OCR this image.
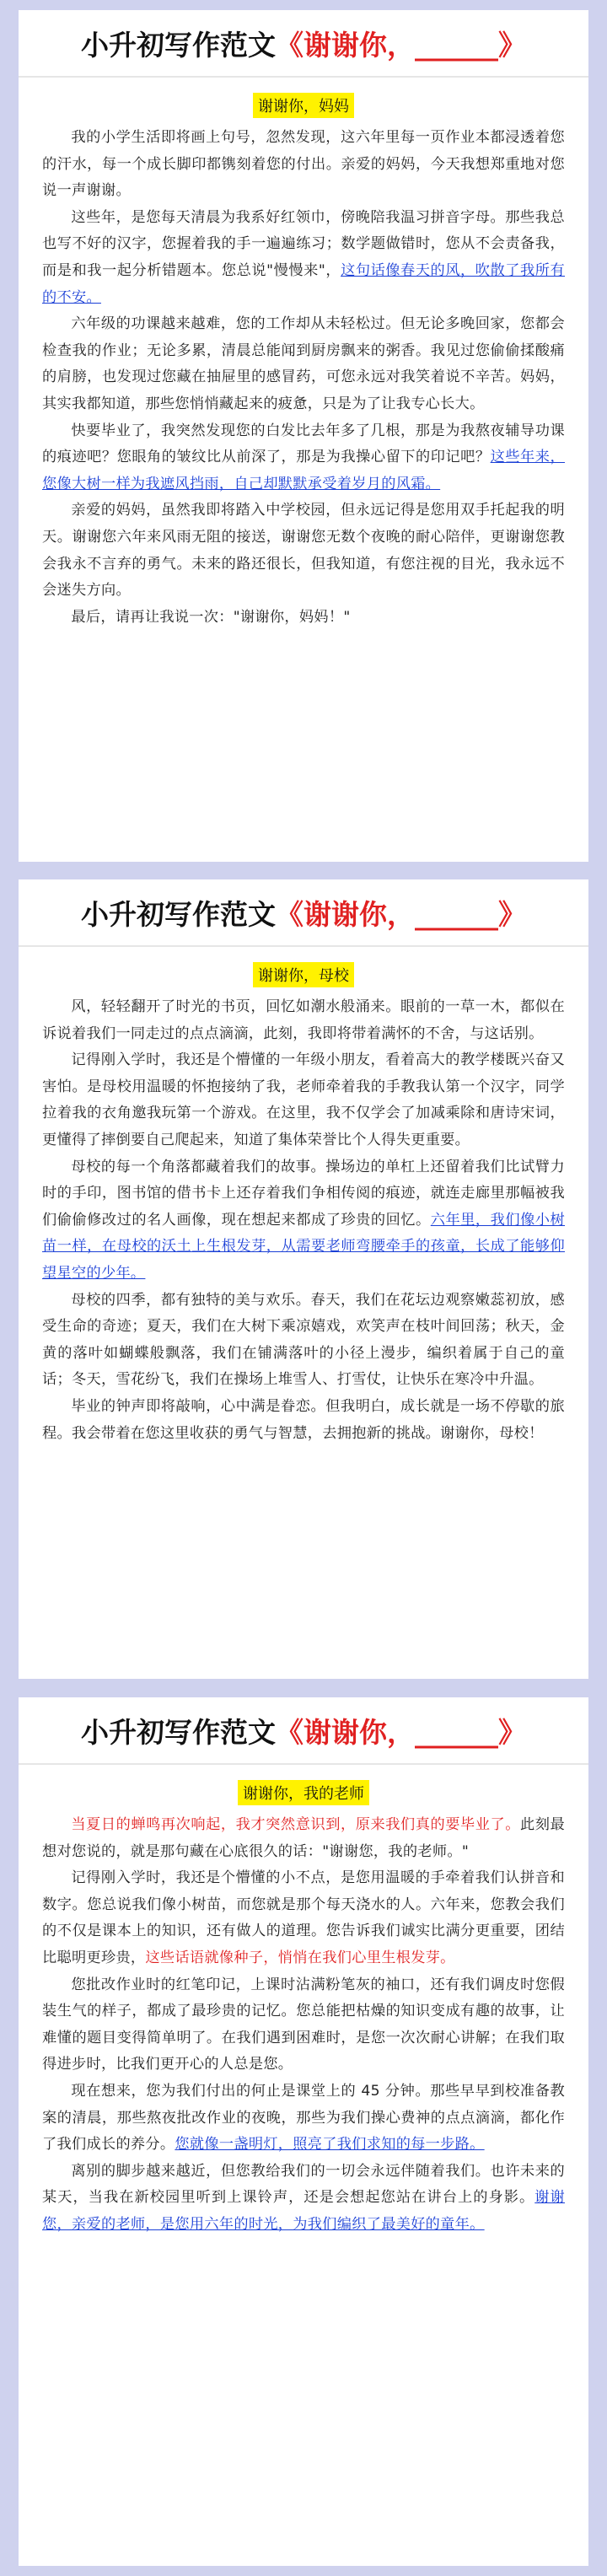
小升初写作范文《谢谢你，______》
谢谢你，妈妈

我的小学生活即将画上句号，忽然发现，这六年里每一页作业本都浸透着您的汗水，每一个成长脚印都镌刻着您的付出。亲爱的妈妈，今天我想郑重地对您说一声谢谢。

这些年，是您每天清晨为我系好红领巾，傍晚陪我温习拼音字母。那些我总也写不好的汉字，您握着我的手一遍遍练习；数学题做错时，您从不会责备我，而是和我一起分析错题本。您总说"慢慢来"，这句话像春天的风，吹散了我所有的不安。

六年级的功课越来越难，您的工作却从未轻松过。但无论多晚回家，您都会检查我的作业；无论多累，清晨总能闻到厨房飘来的粥香。我见过您偷偷揉酸痛的肩膀，也发现过您藏在抽屉里的感冒药，可您永远对我笑着说不辛苦。妈妈，其实我都知道，那些您悄悄藏起来的疲惫，只是为了让我专心长大。

快要毕业了，我突然发现您的白发比去年多了几根，那是为我熬夜辅导功课的痕迹吧？您眼角的皱纹比从前深了，那是为我操心留下的印记吧？这些年来，您像大树一样为我遮风挡雨，自己却默默承受着岁月的风霜。

亲爱的妈妈，虽然我即将踏入中学校园，但永远记得是您用双手托起我的明天。谢谢您六年来风雨无阻的接送，谢谢您无数个夜晚的耐心陪伴，更谢谢您教会我永不言弃的勇气。未来的路还很长，但我知道，有您注视的目光，我永远不会迷失方向。

最后，请再让我说一次："谢谢你，妈妈！"

小升初写作范文《谢谢你，______》
谢谢你，母校

风，轻轻翻开了时光的书页，回忆如潮水般涌来。眼前的一草一木，都似在诉说着我们一同走过的点点滴滴，此刻，我即将带着满怀的不舍，与这话别。

记得刚入学时，我还是个懵懂的一年级小朋友，看着高大的教学楼既兴奋又害怕。是母校用温暖的怀抱接纳了我，老师牵着我的手教我认第一个汉字，同学拉着我的衣角邀我玩第一个游戏。在这里，我不仅学会了加减乘除和唐诗宋词，更懂得了摔倒要自己爬起来，知道了集体荣誉比个人得失更重要。

母校的每一个角落都藏着我们的故事。操场边的单杠上还留着我们比试臂力时的手印，图书馆的借书卡上还存着我们争相传阅的痕迹，就连走廊里那幅被我们偷偷修改过的名人画像，现在想起来都成了珍贵的回忆。六年里，我们像小树苗一样，在母校的沃土上生根发芽，从需要老师弯腰牵手的孩童，长成了能够仰望星空的少年。

母校的四季，都有独特的美与欢乐。春天，我们在花坛边观察嫩蕊初放，感受生命的奇迹；夏天，我们在大树下乘凉嬉戏，欢笑声在枝叶间回荡；秋天，金黄的落叶如蝴蝶般飘落，我们在铺满落叶的小径上漫步，编织着属于自己的童话；冬天，雪花纷飞，我们在操场上堆雪人、打雪仗，让快乐在寒冷中升温。

毕业的钟声即将敲响，心中满是眷恋。但我明白，成长就是一场不停歇的旅程。我会带着在您这里收获的勇气与智慧，去拥抱新的挑战。谢谢你，母校！

小升初写作范文《谢谢你，______》
谢谢你，我的老师

当夏日的蝉鸣再次响起，我才突然意识到，原来我们真的要毕业了。此刻最想对您说的，就是那句藏在心底很久的话："谢谢您，我的老师。"

记得刚入学时，我还是个懵懂的小不点，是您用温暖的手牵着我们认拼音和数字。您总说我们像小树苗，而您就是那个每天浇水的人。六年来，您教会我们的不仅是课本上的知识，还有做人的道理。您告诉我们诚实比满分更重要，团结比聪明更珍贵，这些话语就像种子，悄悄在我们心里生根发芽。

您批改作业时的红笔印记，上课时沾满粉笔灰的袖口，还有我们调皮时您假装生气的样子，都成了最珍贵的记忆。您总能把枯燥的知识变成有趣的故事，让难懂的题目变得简单明了。在我们遇到困难时，是您一次次耐心讲解；在我们取得进步时，比我们更开心的人总是您。

现在想来，您为我们付出的何止是课堂上的 45 分钟。那些早早到校准备教案的清晨，那些熬夜批改作业的夜晚，那些为我们操心费神的点点滴滴，都化作了我们成长的养分。您就像一盏明灯，照亮了我们求知的每一步路。

离别的脚步越来越近，但您教给我们的一切会永远伴随着我们。也许未来的某天，当我在新校园里听到上课铃声，还是会想起您站在讲台上的身影。谢谢您，亲爱的老师，是您用六年的时光，为我们编织了最美好的童年。
